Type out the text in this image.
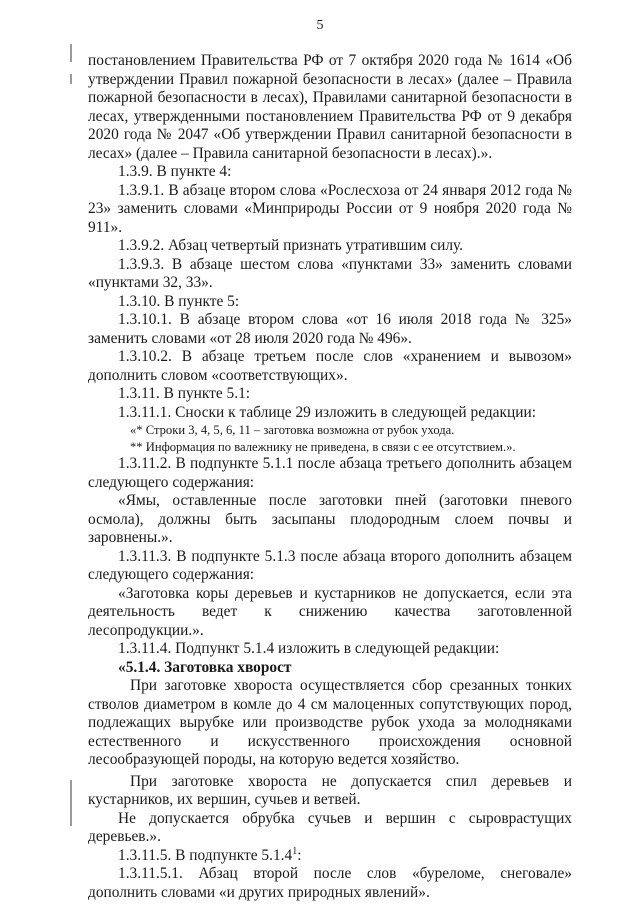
5

постановлением Правительства РФ от 7 октября 2020 года № 1614 «Об утверждении Правил пожарной безопасности в лесах» (далее – Правила пожарной безопасности в лесах), Правилами санитарной безопасности в лесах, утвержденными постановлением Правительства РФ от 9 декабря 2020 года № 2047 «Об утверждении Правил санитарной безопасности в лесах» (далее – Правила санитарной безопасности в лесах).».

1.3.9. В пункте 4:

1.3.9.1. В абзаце втором слова «Рослесхоза от 24 января 2012 года № 23» заменить словами «Минприроды России от 9 ноября 2020 года № 911».

1.3.9.2. Абзац четвертый признать утратившим силу.

1.3.9.3. В абзаце шестом слова «пунктами 33» заменить словами «пунктами 32, 33».

1.3.10. В пункте 5:

1.3.10.1. В абзаце втором слова «от 16 июля 2018 года № 325» заменить словами «от 28 июля 2020 года № 496».

1.3.10.2. В абзаце третьем после слов «хранением и вывозом» дополнить словом «соответствующих».

1.3.11. В пункте 5.1:

1.3.11.1. Сноски к таблице 29 изложить в следующей редакции:

«* Строки 3, 4, 5, 6, 11 – заготовка возможна от рубок ухода.

** Информация по валежнику не приведена, в связи с ее отсутствием.».

1.3.11.2. В подпункте 5.1.1 после абзаца третьего дополнить абзацем следующего содержания:

«Ямы, оставленные после заготовки пней (заготовки пневого осмола), должны быть засыпаны плодородным слоем почвы и заровнены.».

1.3.11.3. В подпункте 5.1.3 после абзаца второго дополнить абзацем следующего содержания:

«Заготовка коры деревьев и кустарников не допускается, если эта деятельность ведет к снижению качества заготовленной лесопродукции.».

1.3.11.4. Подпункт 5.1.4 изложить в следующей редакции:

«5.1.4. Заготовка хворост

При заготовке хвороста осуществляется сбор срезанных тонких стволов диаметром в комле до 4 см малоценных сопутствующих пород, подлежащих вырубке или производстве рубок ухода за молодняками естественного и искусственного происхождения основной лесообразующей породы, на которую ведется хозяйство.

При заготовке хвороста не допускается спил деревьев и кустарников, их вершин, сучьев и ветвей.

Не допускается обрубка сучьев и вершин с сыроврастущих деревьев.».

1.3.11.5. В подпункте 5.1.4$^1$:

1.3.11.5.1. Абзац второй после слов «буреломе, снеговале» дополнить словами «и других природных явлений».
